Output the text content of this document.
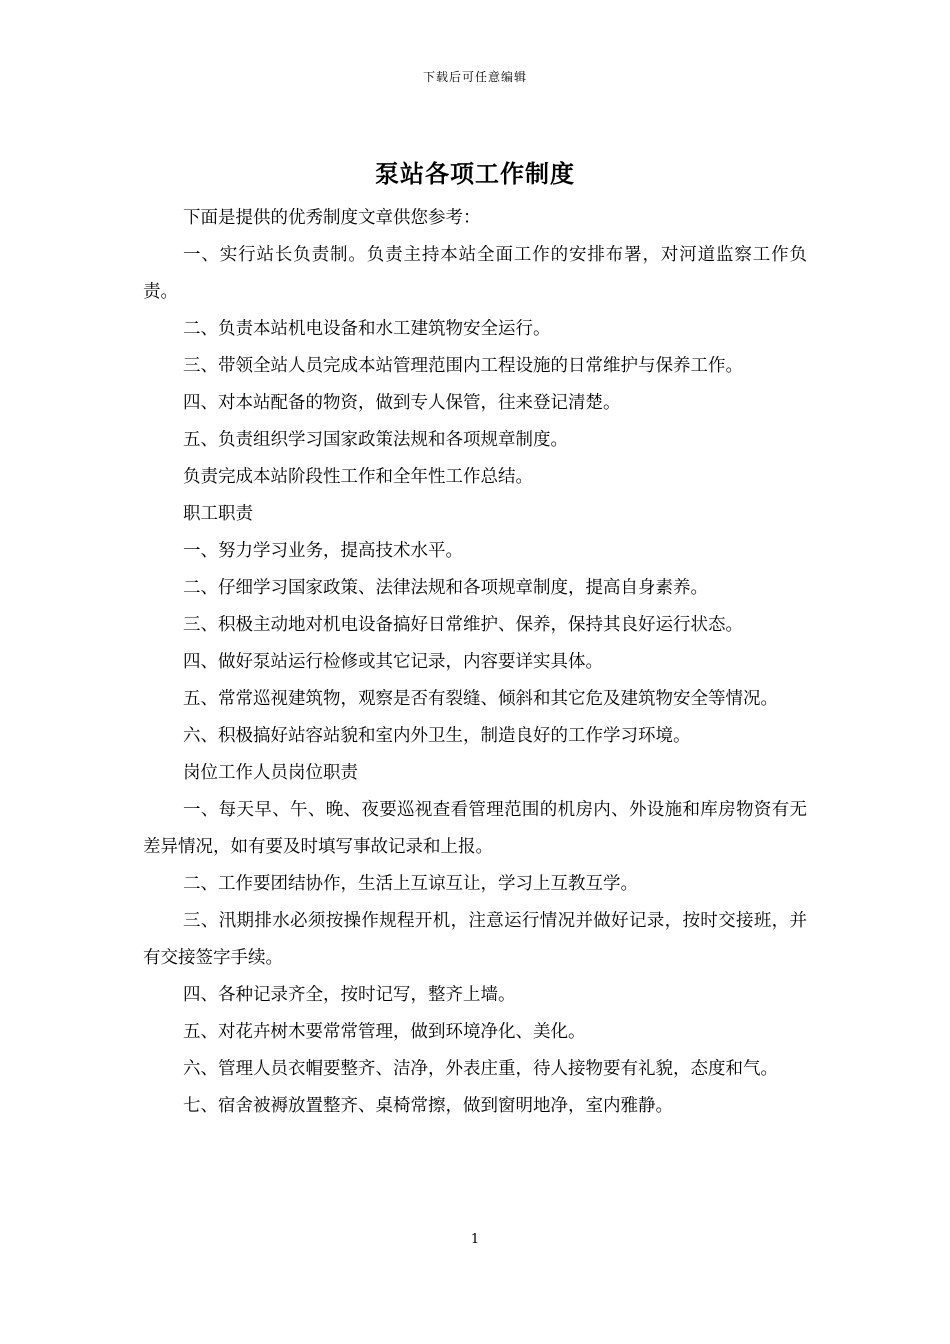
下载后可任意编辑
泵站各项工作制度

下面是提供的优秀制度文章供您参考：

一、实行站长负责制。负责主持本站全面工作的安排布署，对河道监察工作负责。

二、负责本站机电设备和水工建筑物安全运行。

三、带领全站人员完成本站管理范围内工程设施的日常维护与保养工作。

四、对本站配备的物资，做到专人保管，往来登记清楚。

五、负责组织学习国家政策法规和各项规章制度。

负责完成本站阶段性工作和全年性工作总结。

职工职责

一、努力学习业务，提高技术水平。

二、仔细学习国家政策、法律法规和各项规章制度，提高自身素养。

三、积极主动地对机电设备搞好日常维护、保养，保持其良好运行状态。

四、做好泵站运行检修或其它记录，内容要详实具体。

五、常常巡视建筑物，观察是否有裂缝、倾斜和其它危及建筑物安全等情况。

六、积极搞好站容站貌和室内外卫生，制造良好的工作学习环境。

岗位工作人员岗位职责

一、每天早、午、晚、夜要巡视查看管理范围的机房内、外设施和库房物资有无差异情况，如有要及时填写事故记录和上报。

二、工作要团结协作，生活上互谅互让，学习上互教互学。

三、汛期排水必须按操作规程开机，注意运行情况并做好记录，按时交接班，并有交接签字手续。

四、各种记录齐全，按时记写，整齐上墙。

五、对花卉树木要常常管理，做到环境净化、美化。

六、管理人员衣帽要整齐、洁净，外表庄重，待人接物要有礼貌，态度和气。

七、宿舍被褥放置整齐、桌椅常擦，做到窗明地净，室内雅静。

1
